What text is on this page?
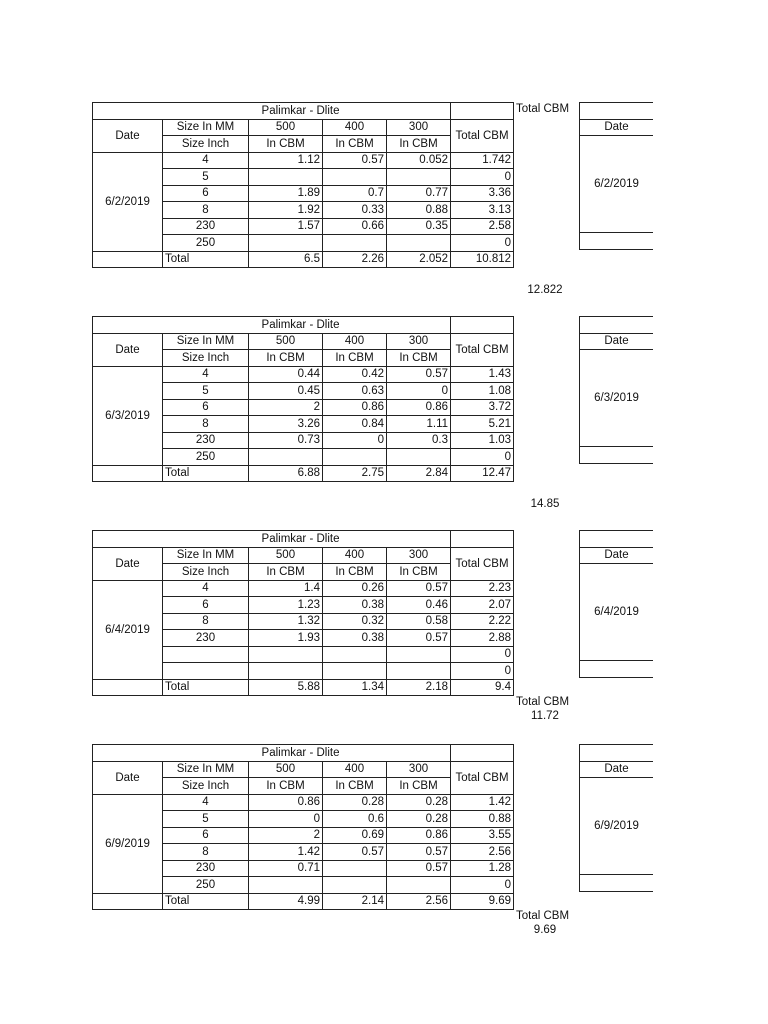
Palimkar - Dlite					
Date	Size In MM	500	400	300	Total CBM
	Size Inch	In CBM	In CBM	In CBM	
6/2/2019	4	1.12	0.57	0.052	1.742
	5				0
	6	1.89	0.7	0.77	3.36
	8	1.92	0.33	0.88	3.13
	230	1.57	0.66	0.35	2.58
	250				0
	Total	6.5	2.26	2.052	10.812

Date
6/2/2019

Total CBM
12.822
Palimkar - Dlite					
Date	Size In MM	500	400	300	Total CBM
	Size Inch	In CBM	In CBM	In CBM	
6/3/2019	4	0.44	0.42	0.57	1.43
	5	0.45	0.63	0	1.08
	6	2	0.86	0.86	3.72
	8	3.26	0.84	1.11	5.21
	230	0.73	0	0.3	1.03
	250				0
	Total	6.88	2.75	2.84	12.47

Date
6/3/2019

14.85
Palimkar - Dlite					
Date	Size In MM	500	400	300	Total CBM
	Size Inch	In CBM	In CBM	In CBM	
6/4/2019	4	1.4	0.26	0.57	2.23
	6	1.23	0.38	0.46	2.07
	8	1.32	0.32	0.58	2.22
	230	1.93	0.38	0.57	2.88
					0
					0
	Total	5.88	1.34	2.18	9.4

Date
6/4/2019

Total CBM
11.72
Palimkar - Dlite					
Date	Size In MM	500	400	300	Total CBM
	Size Inch	In CBM	In CBM	In CBM	
6/9/2019	4	0.86	0.28	0.28	1.42
	5	0	0.6	0.28	0.88
	6	2	0.69	0.86	3.55
	8	1.42	0.57	0.57	2.56
	230	0.71		0.57	1.28
	250				0
	Total	4.99	2.14	2.56	9.69

Date
6/9/2019

Total CBM
9.69
